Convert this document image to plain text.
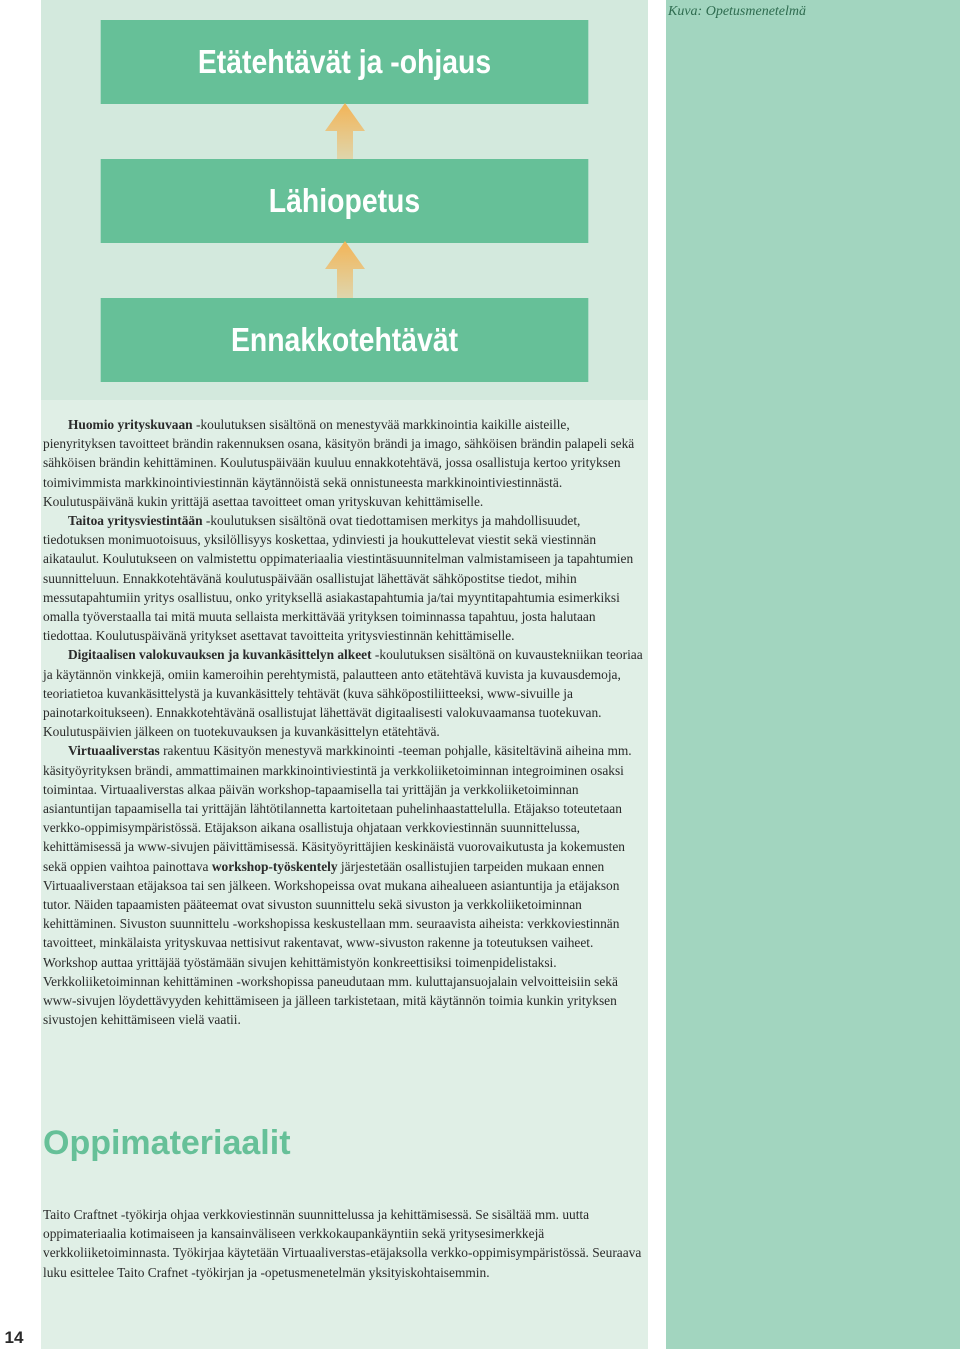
Kuva: Opetusmenetelmä
Etätehtävät ja -ohjaus
Lähiopetus
Ennakkotehtävät

Huomio yrityskuvaan -koulutuksen sisältönä on menestyvää markkinointia kaikille aisteille, pienyrityksen tavoitteet brändin rakennuksen osana, käsityön brändi ja imago, sähköisen brändin palapeli sekä sähköisen brändin kehittäminen. Koulutuspäivään kuuluu ennakkotehtävä, jossa osallistuja kertoo yrityksen toimivimmista markkinointiviestinnän käytännöistä sekä onnistuneesta markkinointiviestinnästä. Koulutuspäivänä kukin yrittäjä asettaa tavoitteet oman yrityskuvan kehittämiselle.

Taitoa yritysviestintään -koulutuksen sisältönä ovat tiedottamisen merkitys ja mahdollisuudet, tiedotuksen monimuotoisuus, yksilöllisyys koskettaa, ydinviesti ja houkuttelevat viestit sekä viestinnän aikataulut. Koulutukseen on valmistettu oppimateriaalia viestintäsuunnitelman valmistamiseen ja tapahtumien suunnitteluun. Ennakkotehtävänä koulutuspäivään osallistujat lähettävät sähköpostitse tiedot, mihin messutapahtumiin yritys osallistuu, onko yrityksellä asiakastapahtumia ja/tai myyntitapahtumia esimerkiksi omalla työverstaalla tai mitä muuta sellaista merkittävää yrityksen toiminnassa tapahtuu, josta halutaan tiedottaa. Koulutuspäivänä yritykset asettavat tavoitteita yritysviestinnän kehittämiselle.

Digitaalisen valokuvauksen ja kuvankäsittelyn alkeet -koulutuksen sisältönä on kuvaustekniikan teoriaa ja käytännön vinkkejä, omiin kameroihin perehtymistä, palautteen anto etätehtävä kuvista ja kuvausdemoja, teoriatietoa kuvankäsittelystä ja kuvankäsittely tehtävät (kuva sähköpostiliitteeksi, www-sivuille ja painotarkoitukseen). Ennakkotehtävänä osallistujat lähettävät digitaalisesti valokuvaamansa tuotekuvan. Koulutuspäivien jälkeen on tuotekuvauksen ja kuvankäsittelyn etätehtävä.

Virtuaaliverstas rakentuu Käsityön menestyvä markkinointi -teeman pohjalle, käsiteltävinä aiheina mm. käsityöyrityksen brändi, ammattimainen markkinointiviestintä ja verkkoliiketoiminnan integroiminen osaksi toimintaa. Virtuaaliverstas alkaa päivän workshop-tapaamisella tai yrittäjän ja verkkoliiketoiminnan asiantuntijan tapaamisella tai yrittäjän lähtötilannetta kartoitetaan puhelinhaastattelulla. Etäjakso toteutetaan verkko-oppimisympäristössä. Etäjakson aikana osallistuja ohjataan verkkoviestinnän suunnittelussa, kehittämisessä ja www-sivujen päivittämisessä. Käsityöyrittäjien keskinäistä vuorovaikutusta ja kokemusten sekä oppien vaihtoa painottava workshop-työskentely järjestetään osallistujien tarpeiden mukaan ennen Virtuaaliverstaan etäjaksoa tai sen jälkeen. Workshopeissa ovat mukana aihealueen asiantuntija ja etäjakson tutor. Näiden tapaamisten pääteemat ovat sivuston suunnittelu sekä sivuston ja verkkoliiketoiminnan kehittäminen. Sivuston suunnittelu -workshopissa keskustellaan mm. seuraavista aiheista: verkkoviestinnän tavoitteet, minkälaista yrityskuvaa nettisivut rakentavat, www-sivuston rakenne ja toteutuksen vaiheet. Workshop auttaa yrittäjää työstämään sivujen kehittämistyön konkreettisiksi toimenpidelistaksi. Verkkoliiketoiminnan kehittäminen -workshopissa paneudutaan mm. kuluttajansuojalain velvoitteisiin sekä www-sivujen löydettävyyden kehittämiseen ja jälleen tarkistetaan, mitä käytännön toimia kunkin yrityksen sivustojen kehittämiseen vielä vaatii.

Oppimateriaalit

Taito Craftnet -työkirja ohjaa verkkoviestinnän suunnittelussa ja kehittämisessä. Se sisältää mm. uutta oppimateriaalia kotimaiseen ja kansainväliseen verkkokaupankäyntiin sekä yritysesimerkkejä verkkoliiketoiminnasta. Työkirjaa käytetään Virtuaaliverstas-etäjaksolla verkko-oppimisympäristössä. Seuraava luku esittelee Taito Crafnet -työkirjan ja -opetusmenetelmän yksityiskohtaisemmin.

14
